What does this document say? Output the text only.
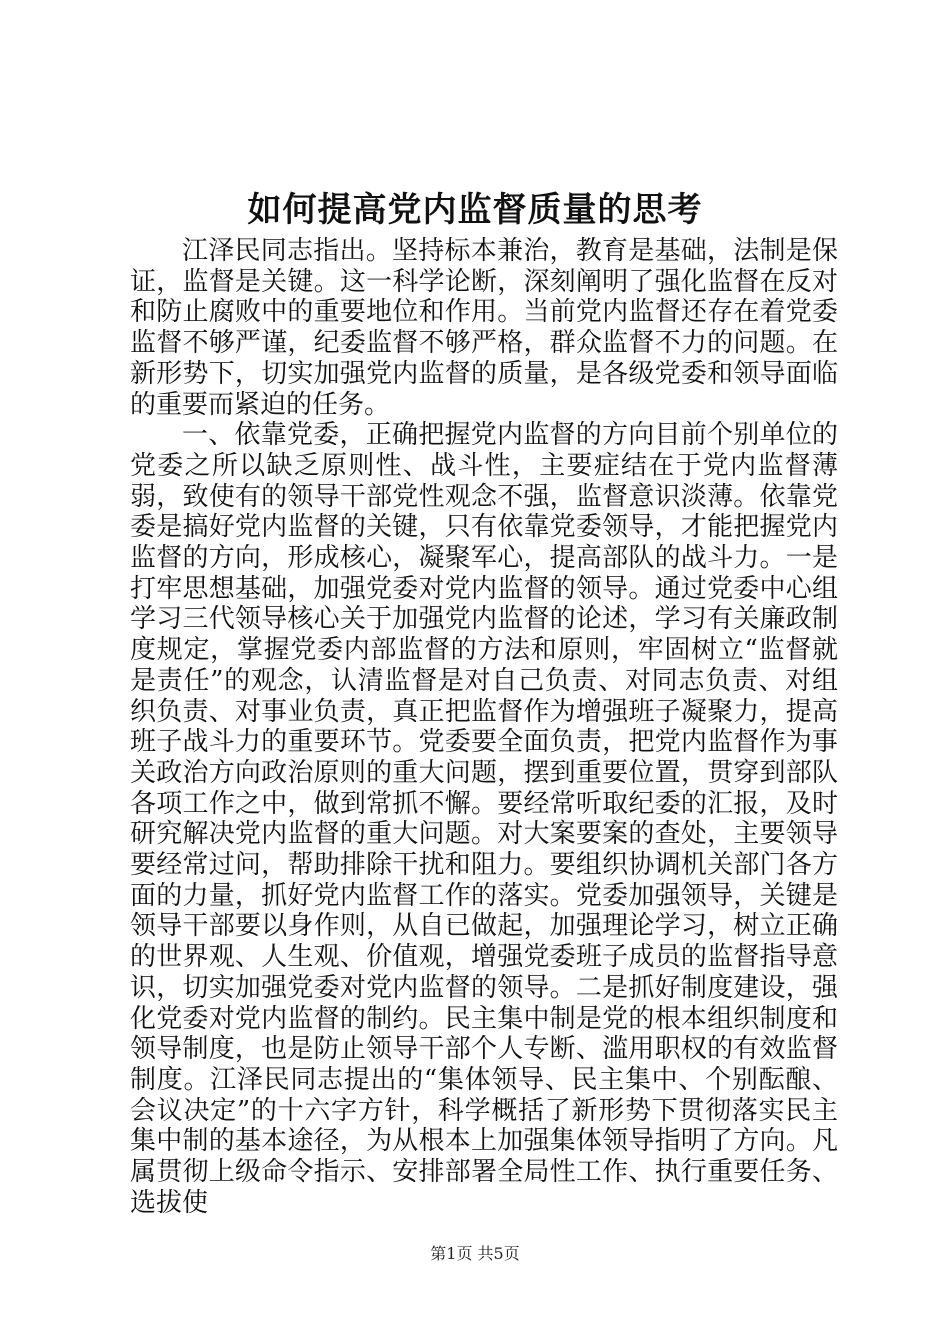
如何提高党内监督质量的思考

江泽民同志指出。坚持标本兼治，教育是基础，法制是保证，监督是关键。这一科学论断，深刻阐明了强化监督在反对和防止腐败中的重要地位和作用。当前党内监督还存在着党委监督不够严谨，纪委监督不够严格，群众监督不力的问题。在新形势下，切实加强党内监督的质量，是各级党委和领导面临的重要而紧迫的任务。

一、依靠党委，正确把握党内监督的方向目前个别单位的党委之所以缺乏原则性、战斗性，主要症结在于党内监督薄弱，致使有的领导干部党性观念不强，监督意识淡薄。依靠党委是搞好党内监督的关键，只有依靠党委领导，才能把握党内监督的方向，形成核心，凝聚军心，提高部队的战斗力。一是打牢思想基础，加强党委对党内监督的领导。通过党委中心组学习三代领导核心关于加强党内监督的论述，学习有关廉政制度规定，掌握党委内部监督的方法和原则，牢固树立“监督就是责任”的观念，认清监督是对自己负责、对同志负责、对组织负责、对事业负责，真正把监督作为增强班子凝聚力，提高班子战斗力的重要环节。党委要全面负责，把党内监督作为事关政治方向政治原则的重大问题，摆到重要位置，贯穿到部队各项工作之中，做到常抓不懈。要经常听取纪委的汇报，及时研究解决党内监督的重大问题。对大案要案的查处，主要领导要经常过问，帮助排除干扰和阻力。要组织协调机关部门各方面的力量，抓好党内监督工作的落实。党委加强领导，关键是领导干部要以身作则，从自已做起，加强理论学习，树立正确的世界观、人生观、价值观，增强党委班子成员的监督指导意识，切实加强党委对党内监督的领导。二是抓好制度建设，强化党委对党内监督的制约。民主集中制是党的根本组织制度和领导制度，也是防止领导干部个人专断、滥用职权的有效监督制度。江泽民同志提出的“集体领导、民主集中、个别酝酿、会议决定”的十六字方针，科学概括了新形势下贯彻落实民主集中制的基本途径，为从根本上加强集体领导指明了方向。凡属贯彻上级命令指示、安排部署全局性工作、执行重要任务、选拔使

第1页 共5页
